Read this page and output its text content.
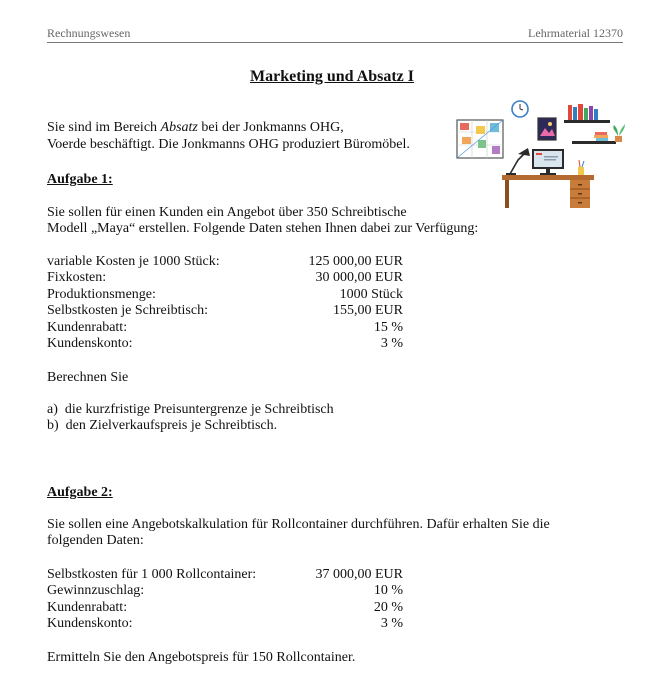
Rechnungswesen	Lehrmaterial 12370
Marketing und Absatz I
Sie sind im Bereich Absatz bei der Jonkmanns OHG,
Voerde beschäftigt. Die Jonkmanns OHG produziert Büromöbel.
Aufgabe 1:
Sie sollen für einen Kunden ein Angebot über 350 Schreibtische
Modell „Maya“ erstellen. Folgende Daten stehen Ihnen dabei zur Verfügung:
variable Kosten je 1000 Stück:	125 000,00 EUR
Fixkosten:	30 000,00 EUR
Produktionsmenge:	1000 Stück
Selbstkosten je Schreibtisch:	155,00 EUR
Kundenrabatt:	15 %
Kundenskonto:	3 %
Berechnen Sie
a)  die kurzfristige Preisuntergrenze je Schreibtisch
b)  den Zielverkaufspreis je Schreibtisch.
Aufgabe 2:
Sie sollen eine Angebotskalkulation für Rollcontainer durchführen. Dafür erhalten Sie die
folgenden Daten:
Selbstkosten für 1 000 Rollcontainer:	37 000,00 EUR
Gewinnzuschlag:	10 %
Kundenrabatt:	20 %
Kundenskonto:	3 %
Ermitteln Sie den Angebotspreis für 150 Rollcontainer.
